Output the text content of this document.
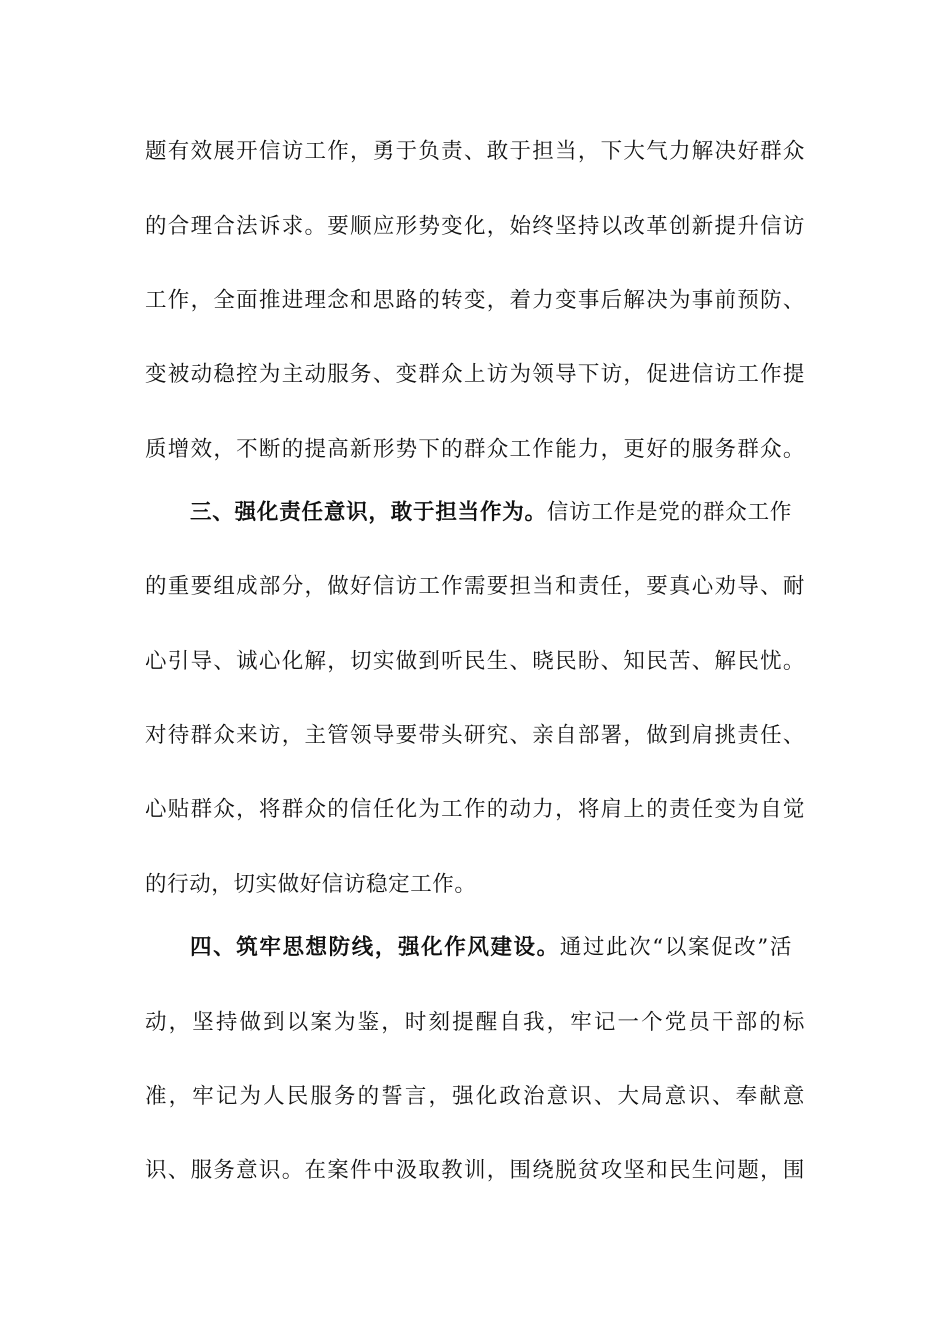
题有效展开信访工作，勇于负责、敢于担当，下大气力解决好群众
的合理合法诉求。要顺应形势变化，始终坚持以改革创新提升信访
工作，全面推进理念和思路的转变，着力变事后解决为事前预防、
变被动稳控为主动服务、变群众上访为领导下访，促进信访工作提
质增效，不断的提高新形势下的群众工作能力，更好的服务群众。
三、强化责任意识，敢于担当作为。信访工作是党的群众工作
的重要组成部分，做好信访工作需要担当和责任，要真心劝导、耐
心引导、诚心化解，切实做到听民生、晓民盼、知民苦、解民忧。
对待群众来访，主管领导要带头研究、亲自部署，做到肩挑责任、
心贴群众，将群众的信任化为工作的动力，将肩上的责任变为自觉
的行动，切实做好信访稳定工作。
四、筑牢思想防线，强化作风建设。通过此次“以案促改”活
动，坚持做到以案为鉴，时刻提醒自我，牢记一个党员干部的标
准，牢记为人民服务的誓言，强化政治意识、大局意识、奉献意
识、服务意识。在案件中汲取教训，围绕脱贫攻坚和民生问题，围
